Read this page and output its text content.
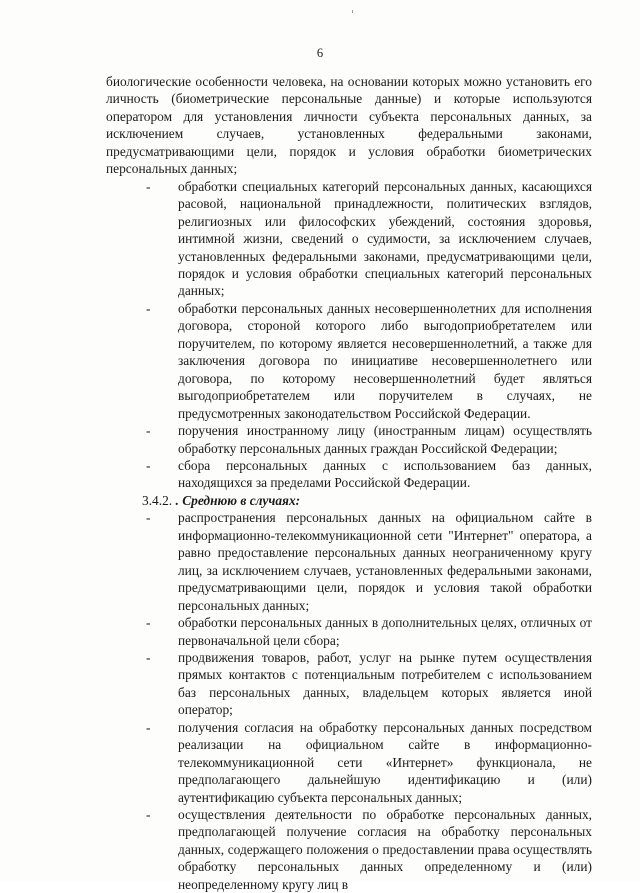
6

биологические особенности человека, на основании которых можно установить его личность (биометрические персональные данные) и которые используются оператором для установления личности субъекта персональных данных, за исключением случаев, установленных федеральными законами, предусматривающими цели, порядок и условия обработки биометрических персональных данных;

-	обработки специальных категорий персональных данных, касающихся расовой, национальной принадлежности, политических взглядов, религиозных или философских убеждений, состояния здоровья, интимной жизни, сведений о судимости, за исключением случаев, установленных федеральными законами, предусматривающими цели, порядок и условия обработки специальных категорий персональных данных;

-	обработки персональных данных несовершеннолетних для исполнения договора, стороной которого либо выгодоприобретателем или поручителем, по которому является несовершеннолетний, а также для заключения договора по инициативе несовершеннолетнего или договора, по которому несовершеннолетний будет являться выгодоприобретателем или поручителем в случаях, не предусмотренных законодательством Российской Федерации.

-	поручения иностранному лицу (иностранным лицам) осуществлять обработку персональных данных граждан Российской Федерации;

-	сбора персональных данных с использованием баз данных, находящихся за пределами Российской Федерации.

3.4.2. . Среднюю в случаях:

-	распространения персональных данных на официальном сайте в информационно-телекоммуникационной сети "Интернет" оператора, а равно предоставление персональных данных неограниченному кругу лиц, за исключением случаев, установленных федеральными законами, предусматривающими цели, порядок и условия такой обработки персональных данных;

-	обработки персональных данных в дополнительных целях, отличных от первоначальной цели сбора;

-	продвижения товаров, работ, услуг на рынке путем осуществления прямых контактов с потенциальным потребителем с использованием баз персональных данных, владельцем которых является иной оператор;

-	получения согласия на обработку персональных данных посредством реализации на официальном сайте в информационно-телекоммуникационной сети «Интернет» функционала, не предполагающего дальнейшую идентификацию и (или) аутентификацию субъекта персональных данных;

-	осуществления деятельности по обработке персональных данных, предполагающей получение согласия на обработку персональных данных, содержащего положения о предоставлении права осуществлять обработку персональных данных определенному и (или) неопределенному кругу лиц в
